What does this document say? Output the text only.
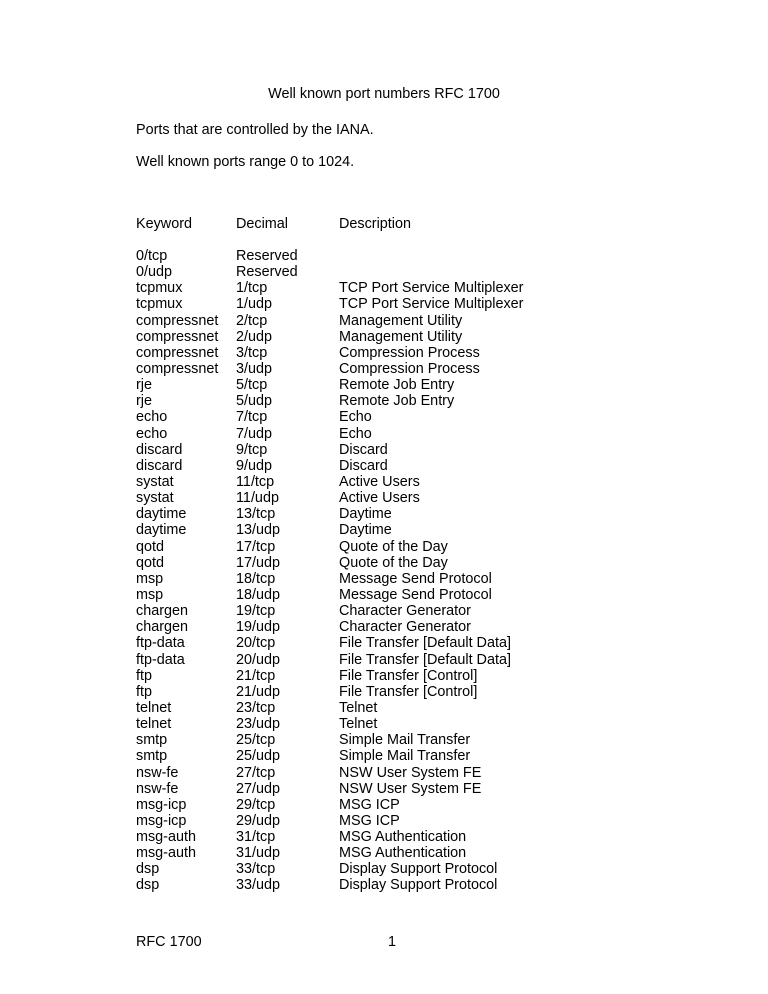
Well known port numbers RFC 1700
Ports that are controlled by the IANA.
Well known ports range 0 to 1024.
Keyword	Decimal	Description
0/tcp	Reserved
0/udp	Reserved
tcpmux	1/tcp	TCP Port Service Multiplexer
tcpmux	1/udp	TCP Port Service Multiplexer
compressnet 2/tcp	Management Utility
compressnet 2/udp	Management Utility
compressnet 3/tcp	Compression Process
compressnet 3/udp	Compression Process
rje	5/tcp	Remote Job Entry
rje	5/udp	Remote Job Entry
echo	7/tcp	Echo
echo	7/udp	Echo
discard	9/tcp	Discard
discard	9/udp	Discard
systat	11/tcp	Active Users
systat	11/udp	Active Users
daytime	13/tcp	Daytime
daytime	13/udp	Daytime
qotd	17/tcp	Quote of the Day
qotd	17/udp	Quote of the Day
msp	18/tcp	Message Send Protocol
msp	18/udp	Message Send Protocol
chargen	19/tcp	Character Generator
chargen	19/udp	Character Generator
ftp-data	20/tcp	File Transfer [Default Data]
ftp-data	20/udp	File Transfer [Default Data]
ftp	21/tcp	File Transfer [Control]
ftp	21/udp	File Transfer [Control]
telnet	23/tcp	Telnet
telnet	23/udp	Telnet
smtp	25/tcp	Simple Mail Transfer
smtp	25/udp	Simple Mail Transfer
nsw-fe	27/tcp	NSW User System FE
nsw-fe	27/udp	NSW User System FE
msg-icp	29/tcp	MSG ICP
msg-icp	29/udp	MSG ICP
msg-auth	31/tcp	MSG Authentication
msg-auth	31/udp	MSG Authentication
dsp	33/tcp	Display Support Protocol
dsp	33/udp	Display Support Protocol
RFC 1700	1
